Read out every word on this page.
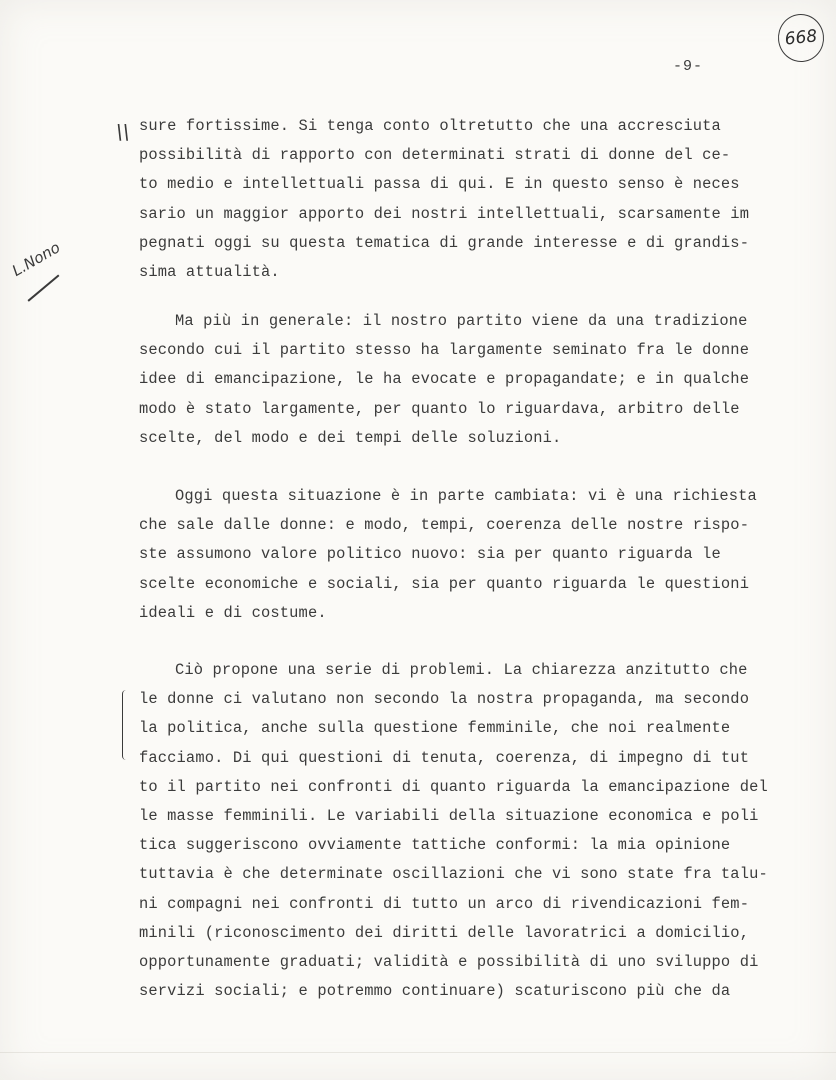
668
-9-
\\
L.Nono
sure fortissime. Si tenga conto oltretutto che una accresciuta
possibilità di rapporto con determinati strati di donne del ce-
to medio e intellettuali passa di qui. E in questo senso è neces
sario un maggior apporto dei nostri intellettuali, scarsamente im
pegnati oggi su questa tematica di grande interesse e di grandis-
sima attualità.
Ma più in generale: il nostro partito viene da una tradizione
secondo cui il partito stesso ha largamente seminato fra le donne
idee di emancipazione, le ha evocate e propagandate; e in qualche
modo è stato largamente, per quanto lo riguardava, arbitro delle
scelte, del modo e dei tempi delle soluzioni.
Oggi questa situazione è in parte cambiata: vi è una richiesta
che sale dalle donne: e modo, tempi, coerenza delle nostre rispo-
ste assumono valore politico nuovo: sia per quanto riguarda le
scelte economiche e sociali, sia per quanto riguarda le questioni
ideali e di costume.
Ciò propone una serie di problemi. La chiarezza anzitutto che
le donne ci valutano non secondo la nostra propaganda, ma secondo
la politica, anche sulla questione femminile, che noi realmente
facciamo. Di qui questioni di tenuta, coerenza, di impegno di tut
to il partito nei confronti di quanto riguarda la emancipazione del
le masse femminili. Le variabili della situazione economica e poli
tica suggeriscono ovviamente tattiche conformi: la mia opinione
tuttavia è che determinate oscillazioni che vi sono state fra talu-
ni compagni nei confronti di tutto un arco di rivendicazioni fem-
minili (riconoscimento dei diritti delle lavoratrici a domicilio,
opportunamente graduati; validità e possibilità di uno sviluppo di
servizi sociali; e potremmo continuare) scaturiscono più che da
